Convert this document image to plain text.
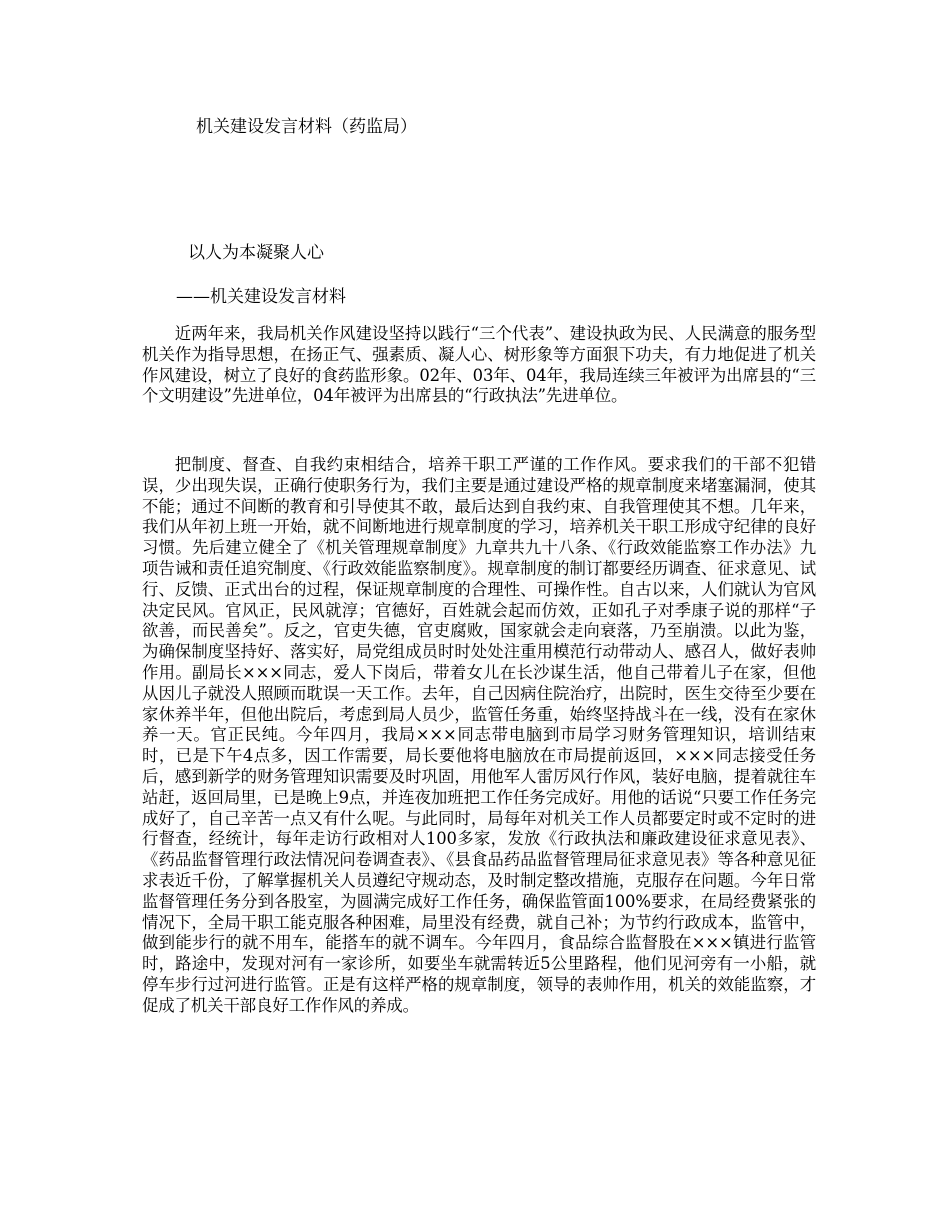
机关建设发言材料（药监局）
以人为本凝聚人心
——机关建设发言材料

近两年来，我局机关作风建设坚持以践行“三个代表”、建设执政为民、人民满意的服务型机关作为指导思想，在扬正气、强素质、凝人心、树形象等方面狠下功夫，有力地促进了机关作风建设，树立了良好的食药监形象。02年、03年、04年，我局连续三年被评为出席县的“三个文明建设”先进单位，04年被评为出席县的“行政执法”先进单位。

把制度、督查、自我约束相结合，培养干职工严谨的工作作风。要求我们的干部不犯错误，少出现失误，正确行使职务行为，我们主要是通过建设严格的规章制度来堵塞漏洞，使其不能；通过不间断的教育和引导使其不敢，最后达到自我约束、自我管理使其不想。几年来，我们从年初上班一开始，就不间断地进行规章制度的学习，培养机关干职工形成守纪律的良好习惯。先后建立健全了《机关管理规章制度》九章共九十八条、《行政效能监察工作办法》九项告诫和责任追究制度、《行政效能监察制度》。规章制度的制订都要经历调查、征求意见、试行、反馈、正式出台的过程，保证规章制度的合理性、可操作性。自古以来，人们就认为官风决定民风。官风正，民风就淳；官德好，百姓就会起而仿效，正如孔子对季康子说的那样“子欲善，而民善矣”。反之，官吏失德，官吏腐败，国家就会走向衰落，乃至崩溃。以此为鉴，为确保制度坚持好、落实好，局党组成员时时处处注重用模范行动带动人、感召人，做好表帅作用。副局长×××同志，爱人下岗后，带着女儿在长沙谋生活，他自己带着儿子在家，但他从因儿子就没人照顾而耽误一天工作。去年，自己因病住院治疗，出院时，医生交待至少要在家休养半年，但他出院后，考虑到局人员少，监管任务重，始终坚持战斗在一线，没有在家休养一天。官正民纯。今年四月，我局×××同志带电脑到市局学习财务管理知识，培训结束时，已是下午4点多，因工作需要，局长要他将电脑放在市局提前返回，×××同志接受任务后，感到新学的财务管理知识需要及时巩固，用他军人雷厉风行作风，装好电脑，提着就往车站赶，返回局里，已是晚上9点，并连夜加班把工作任务完成好。用他的话说“只要工作任务完成好了，自己辛苦一点又有什么呢。与此同时，局每年对机关工作人员都要定时或不定时的进行督查，经统计，每年走访行政相对人100多家，发放《行政执法和廉政建设征求意见表》、《药品监督管理行政法情况问卷调查表》、《县食品药品监督管理局征求意见表》等各种意见征求表近千份，了解掌握机关人员遵纪守规动态，及时制定整改措施，克服存在问题。今年日常监督管理任务分到各股室，为圆满完成好工作任务，确保监管面100%要求，在局经费紧张的情况下，全局干职工能克服各种困难，局里没有经费，就自己补；为节约行政成本，监管中，做到能步行的就不用车，能搭车的就不调车。今年四月，食品综合监督股在×××镇进行监管时，路途中，发现对河有一家诊所，如要坐车就需转近5公里路程，他们见河旁有一小船，就停车步行过河进行监管。正是有这样严格的规章制度，领导的表帅作用，机关的效能监察，才促成了机关干部良好工作作风的养成。
